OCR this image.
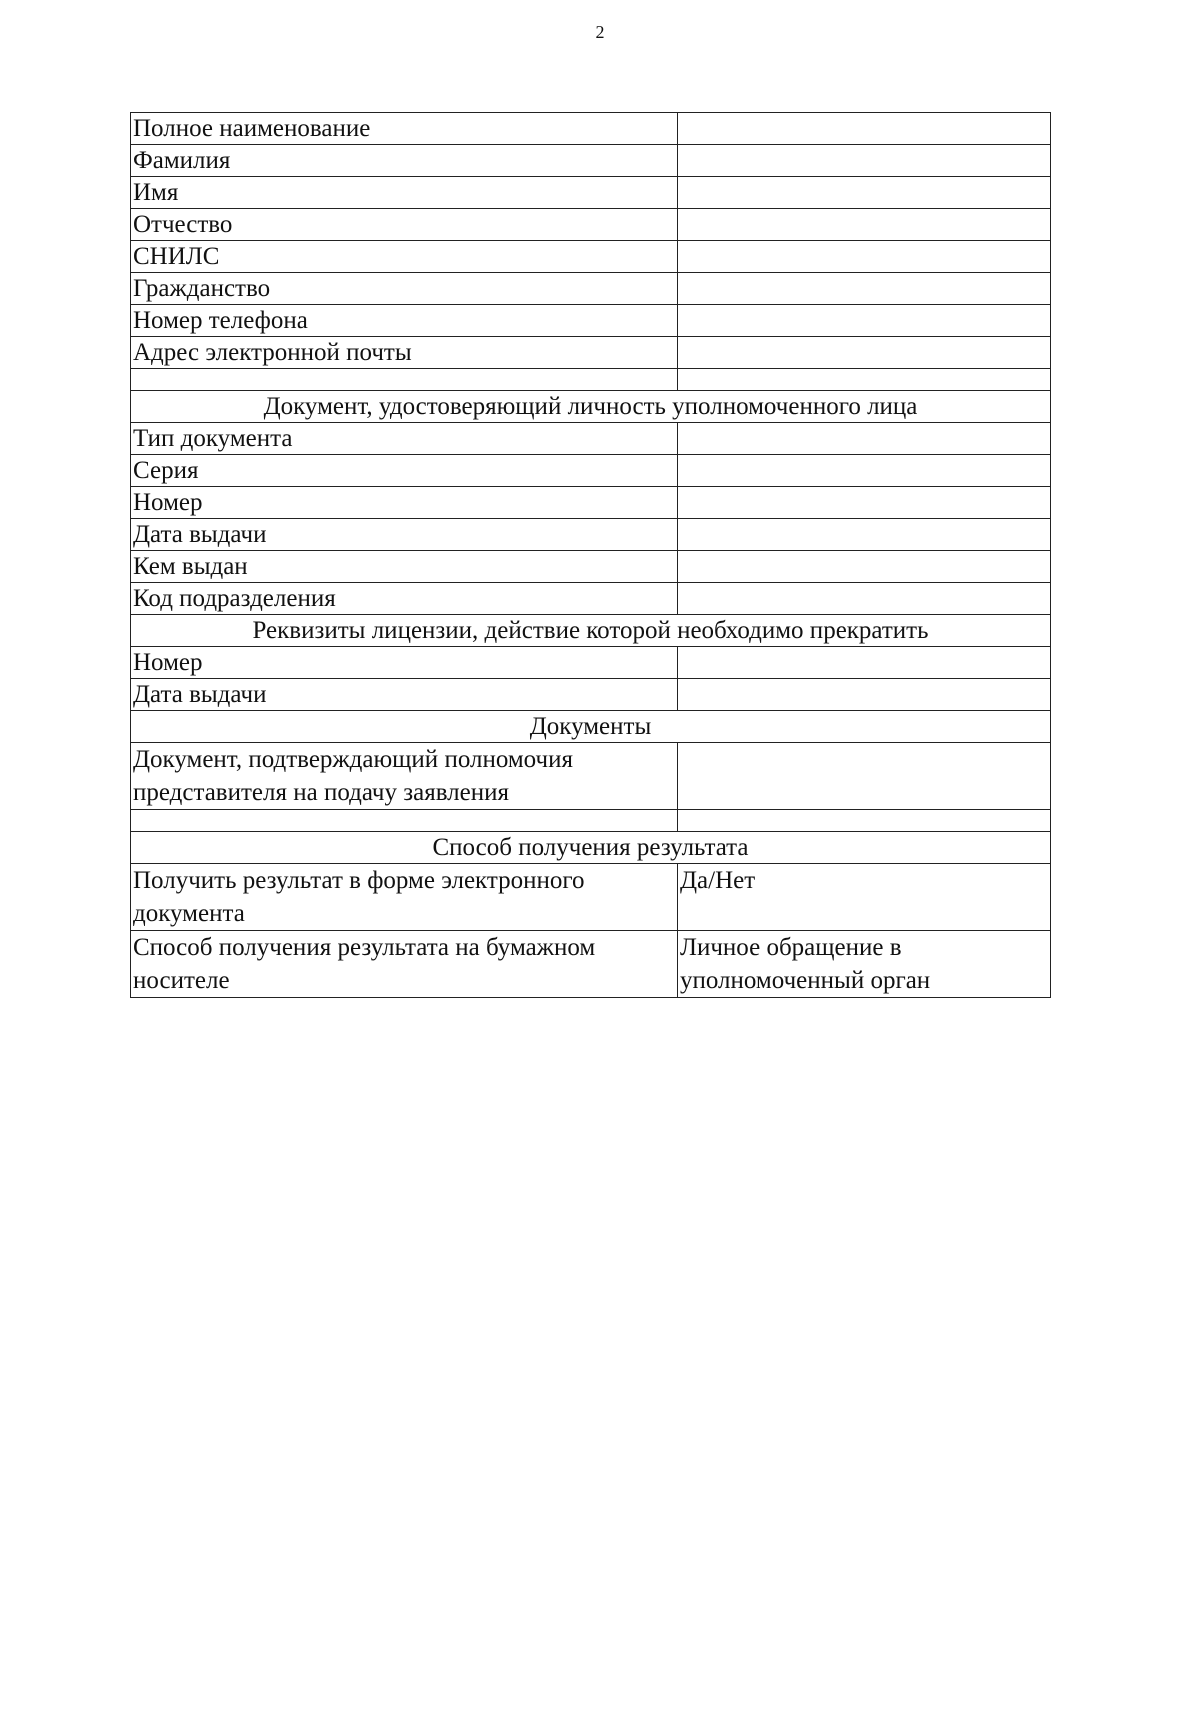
2
Полное наименование	
Фамилия	
Имя	
Отчество	
СНИЛС	
Гражданство	
Номер телефона	
Адрес электронной почты	

Документ, удостоверяющий личность уполномоченного лица	
Тип документа	
Серия	
Номер	
Дата выдачи	
Кем выдан	
Код подразделения	
Реквизиты лицензии, действие которой необходимо прекратить	
Номер	
Дата выдачи	
Документы	
Документ, подтверждающий полномочия представителя на подачу заявления	

Способ получения результата	
Получить результат в форме электронного документа	Да/Нет
Способ получения результата на бумажном носителе	Личное обращение в уполномоченный орган
